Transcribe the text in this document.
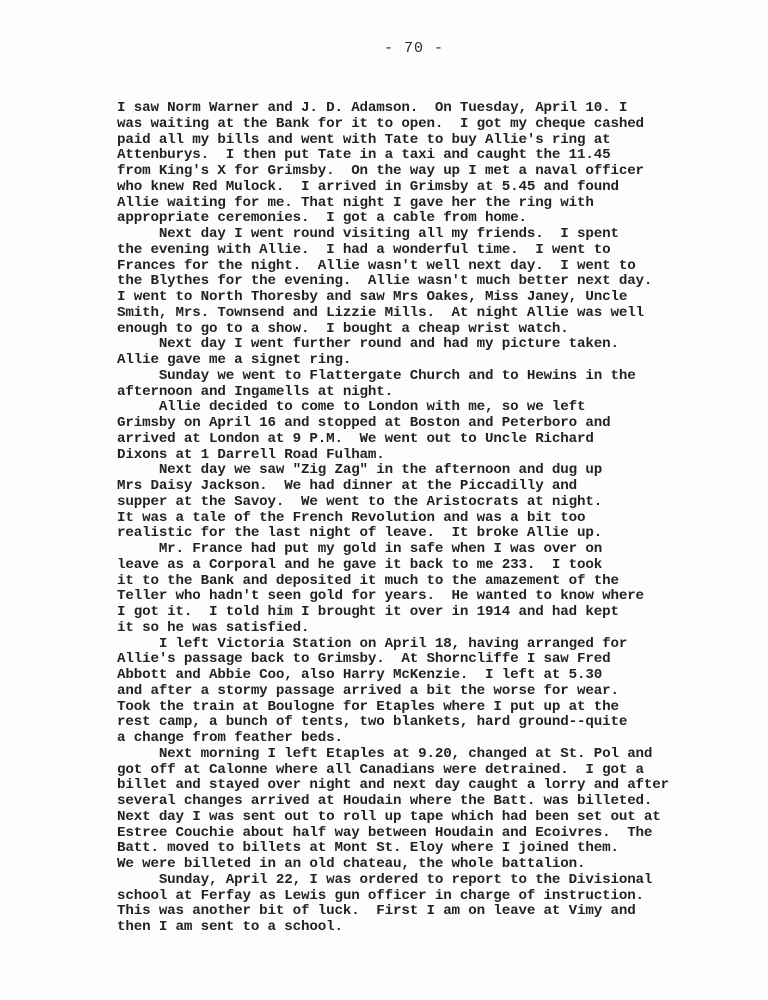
- 70 -
I saw Norm Warner and J. D. Adamson.  On Tuesday, April 10. I
was waiting at the Bank for it to open.  I got my cheque cashed
paid all my bills and went with Tate to buy Allie's ring at
Attenburys.  I then put Tate in a taxi and caught the 11.45
from King's X for Grimsby.  On the way up I met a naval officer
who knew Red Mulock.  I arrived in Grimsby at 5.45 and found
Allie waiting for me. That night I gave her the ring with
appropriate ceremonies.  I got a cable from home.
Next day I went round visiting all my friends.  I spent
the evening with Allie.  I had a wonderful time.  I went to
Frances for the night.  Allie wasn't well next day.  I went to
the Blythes for the evening.  Allie wasn't much better next day.
I went to North Thoresby and saw Mrs Oakes, Miss Janey, Uncle
Smith, Mrs. Townsend and Lizzie Mills.  At night Allie was well
enough to go to a show.  I bought a cheap wrist watch.
Next day I went further round and had my picture taken.
Allie gave me a signet ring.
Sunday we went to Flattergate Church and to Hewins in the
afternoon and Ingamells at night.
Allie decided to come to London with me, so we left
Grimsby on April 16 and stopped at Boston and Peterboro and
arrived at London at 9 P.M.  We went out to Uncle Richard
Dixons at 1 Darrell Road Fulham.
Next day we saw "Zig Zag" in the afternoon and dug up
Mrs Daisy Jackson.  We had dinner at the Piccadilly and
supper at the Savoy.  We went to the Aristocrats at night.
It was a tale of the French Revolution and was a bit too
realistic for the last night of leave.  It broke Allie up.
Mr. France had put my gold in safe when I was over on
leave as a Corporal and he gave it back to me 233.  I took
it to the Bank and deposited it much to the amazement of the
Teller who hadn't seen gold for years.  He wanted to know where
I got it.  I told him I brought it over in 1914 and had kept
it so he was satisfied.
I left Victoria Station on April 18, having arranged for
Allie's passage back to Grimsby.  At Shorncliffe I saw Fred
Abbott and Abbie Coo, also Harry McKenzie.  I left at 5.30
and after a stormy passage arrived a bit the worse for wear.
Took the train at Boulogne for Etaples where I put up at the
rest camp, a bunch of tents, two blankets, hard ground--quite
a change from feather beds.
Next morning I left Etaples at 9.20, changed at St. Pol and
got off at Calonne where all Canadians were detrained.  I got a
billet and stayed over night and next day caught a lorry and after
several changes arrived at Houdain where the Batt. was billeted.
Next day I was sent out to roll up tape which had been set out at
Estree Couchie about half way between Houdain and Ecoivres.  The
Batt. moved to billets at Mont St. Eloy where I joined them.
We were billeted in an old chateau, the whole battalion.
Sunday, April 22, I was ordered to report to the Divisional
school at Ferfay as Lewis gun officer in charge of instruction.
This was another bit of luck.  First I am on leave at Vimy and
then I am sent to a school.
